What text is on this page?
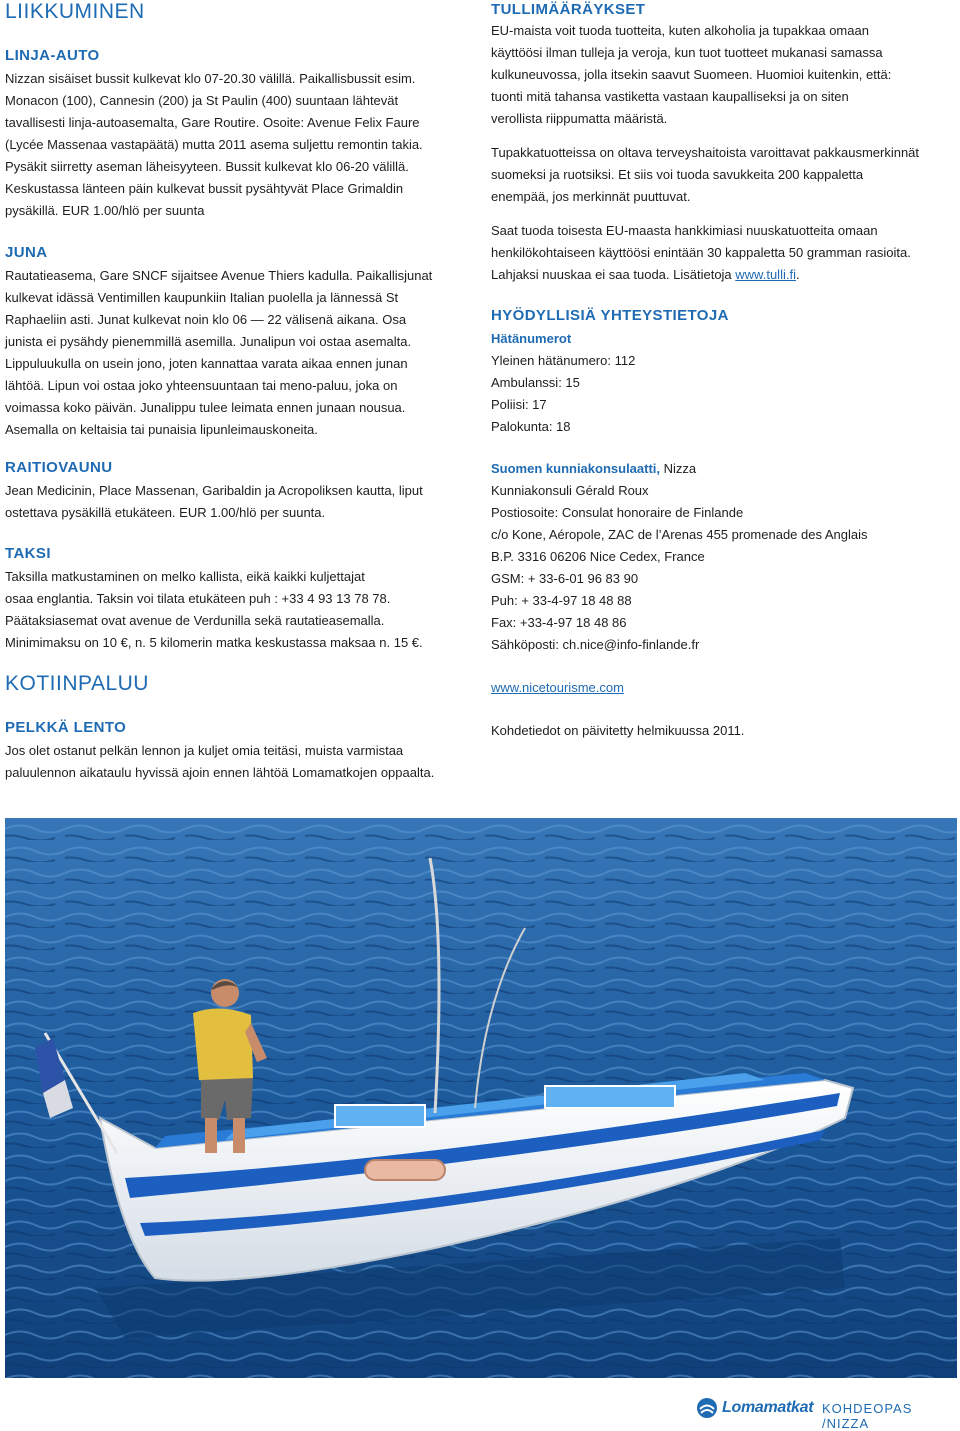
LIIKKUMINEN
LINJA-AUTO

Nizzan sisäiset bussit kulkevat klo 07-20.30 välillä. Paikallisbussit esim.

Monacon (100), Cannesin (200) ja St Paulin (400) suuntaan lähtevät

tavallisesti linja-autoasemalta, Gare Routire. Osoite: Avenue Felix Faure

(Lycée Massenaa vastapäätä) mutta 2011 asema suljettu remontin takia.

Pysäkit siirretty aseman läheisyyteen. Bussit kulkevat klo 06-20 välillä.

Keskustassa länteen päin kulkevat bussit pysähtyvät Place Grimaldin

pysäkillä. EUR 1.00/hlö per suunta

JUNA

Rautatieasema, Gare SNCF sijaitsee Avenue Thiers kadulla. Paikallisjunat

kulkevat idässä Ventimillen kaupunkiin Italian puolella ja lännessä St

Raphaeliin asti. Junat kulkevat noin klo 06 — 22 välisenä aikana. Osa

junista ei pysähdy pienemmillä asemilla. Junalipun voi ostaa asemalta.

Lippuluukulla on usein jono, joten kannattaa varata aikaa ennen junan

lähtöä. Lipun voi ostaa joko yhteensuuntaan tai meno-paluu, joka on

voimassa koko päivän. Junalippu tulee leimata ennen junaan nousua.

Asemalla on keltaisia tai punaisia lipunleimauskoneita.

RAITIOVAUNU

Jean Medicinin, Place Massenan, Garibaldin ja Acropoliksen kautta, liput

ostettava pysäkillä etukäteen. EUR 1.00/hlö per suunta.

TAKSI

Taksilla matkustaminen on melko kallista, eikä kaikki kuljettajat

osaa englantia. Taksin voi tilata etukäteen puh : +33 4 93 13 78 78.

Päätaksiasemat ovat avenue de Verdunilla sekä rautatieasemalla.

Minimimaksu on 10 €, n. 5 kilomerin matka keskustassa maksaa n. 15 €.

KOTIINPALUU
PELKKÄ LENTO

Jos olet ostanut pelkän lennon ja kuljet omia teitäsi, muista varmistaa

paluulennon aikataulu hyvissä ajoin ennen lähtöä Lomamatkojen oppaalta.

TULLIMÄÄRÄYKSET

EU-maista voit tuoda tuotteita, kuten alkoholia ja tupakkaa omaan

käyttöösi ilman tulleja ja veroja, kun tuot tuotteet mukanasi samassa

kulkuneuvossa, jolla itsekin saavut Suomeen. Huomioi kuitenkin, että:

tuonti mitä tahansa vastiketta vastaan kaupalliseksi ja on siten

verollista riippumatta määristä.

Tupakkatuotteissa on oltava terveyshaitoista varoittavat pakkausmerkinnät

suomeksi ja ruotsiksi. Et siis voi tuoda savukkeita 200 kappaletta

enempää, jos merkinnät puuttuvat.

Saat tuoda toisesta EU-maasta hankkimiasi nuuskatuotteita omaan

henkilökohtaiseen käyttöösi enintään 30 kappaletta 50 gramman rasioita.

Lahjaksi nuuskaa ei saa tuoda. Lisätietoja www.tulli.fi.

HYÖDYLLISIÄ YHTEYSTIETOJA

Hätänumerot

Yleinen hätänumero: 112

Ambulanssi: 15

Poliisi: 17

Palokunta: 18

Suomen kunniakonsulaatti, Nizza

Kunniakonsuli Gérald Roux

Postiosoite: Consulat honoraire de Finlande

c/o Kone, Aéropole, ZAC de l’Arenas 455 promenade des Anglais

B.P. 3316 06206 Nice Cedex, France

GSM: + 33-6-01 96 83 90

Puh: + 33-4-97 18 48 88

Fax: +33-4-97 18 48 86

Sähköposti: ch.nice@info-finlande.fr

www.nicetourisme.com

Kohdetiedot on päivitetty helmikuussa 2011.

Lomamatkat KOHDEOPAS /NIZZA
